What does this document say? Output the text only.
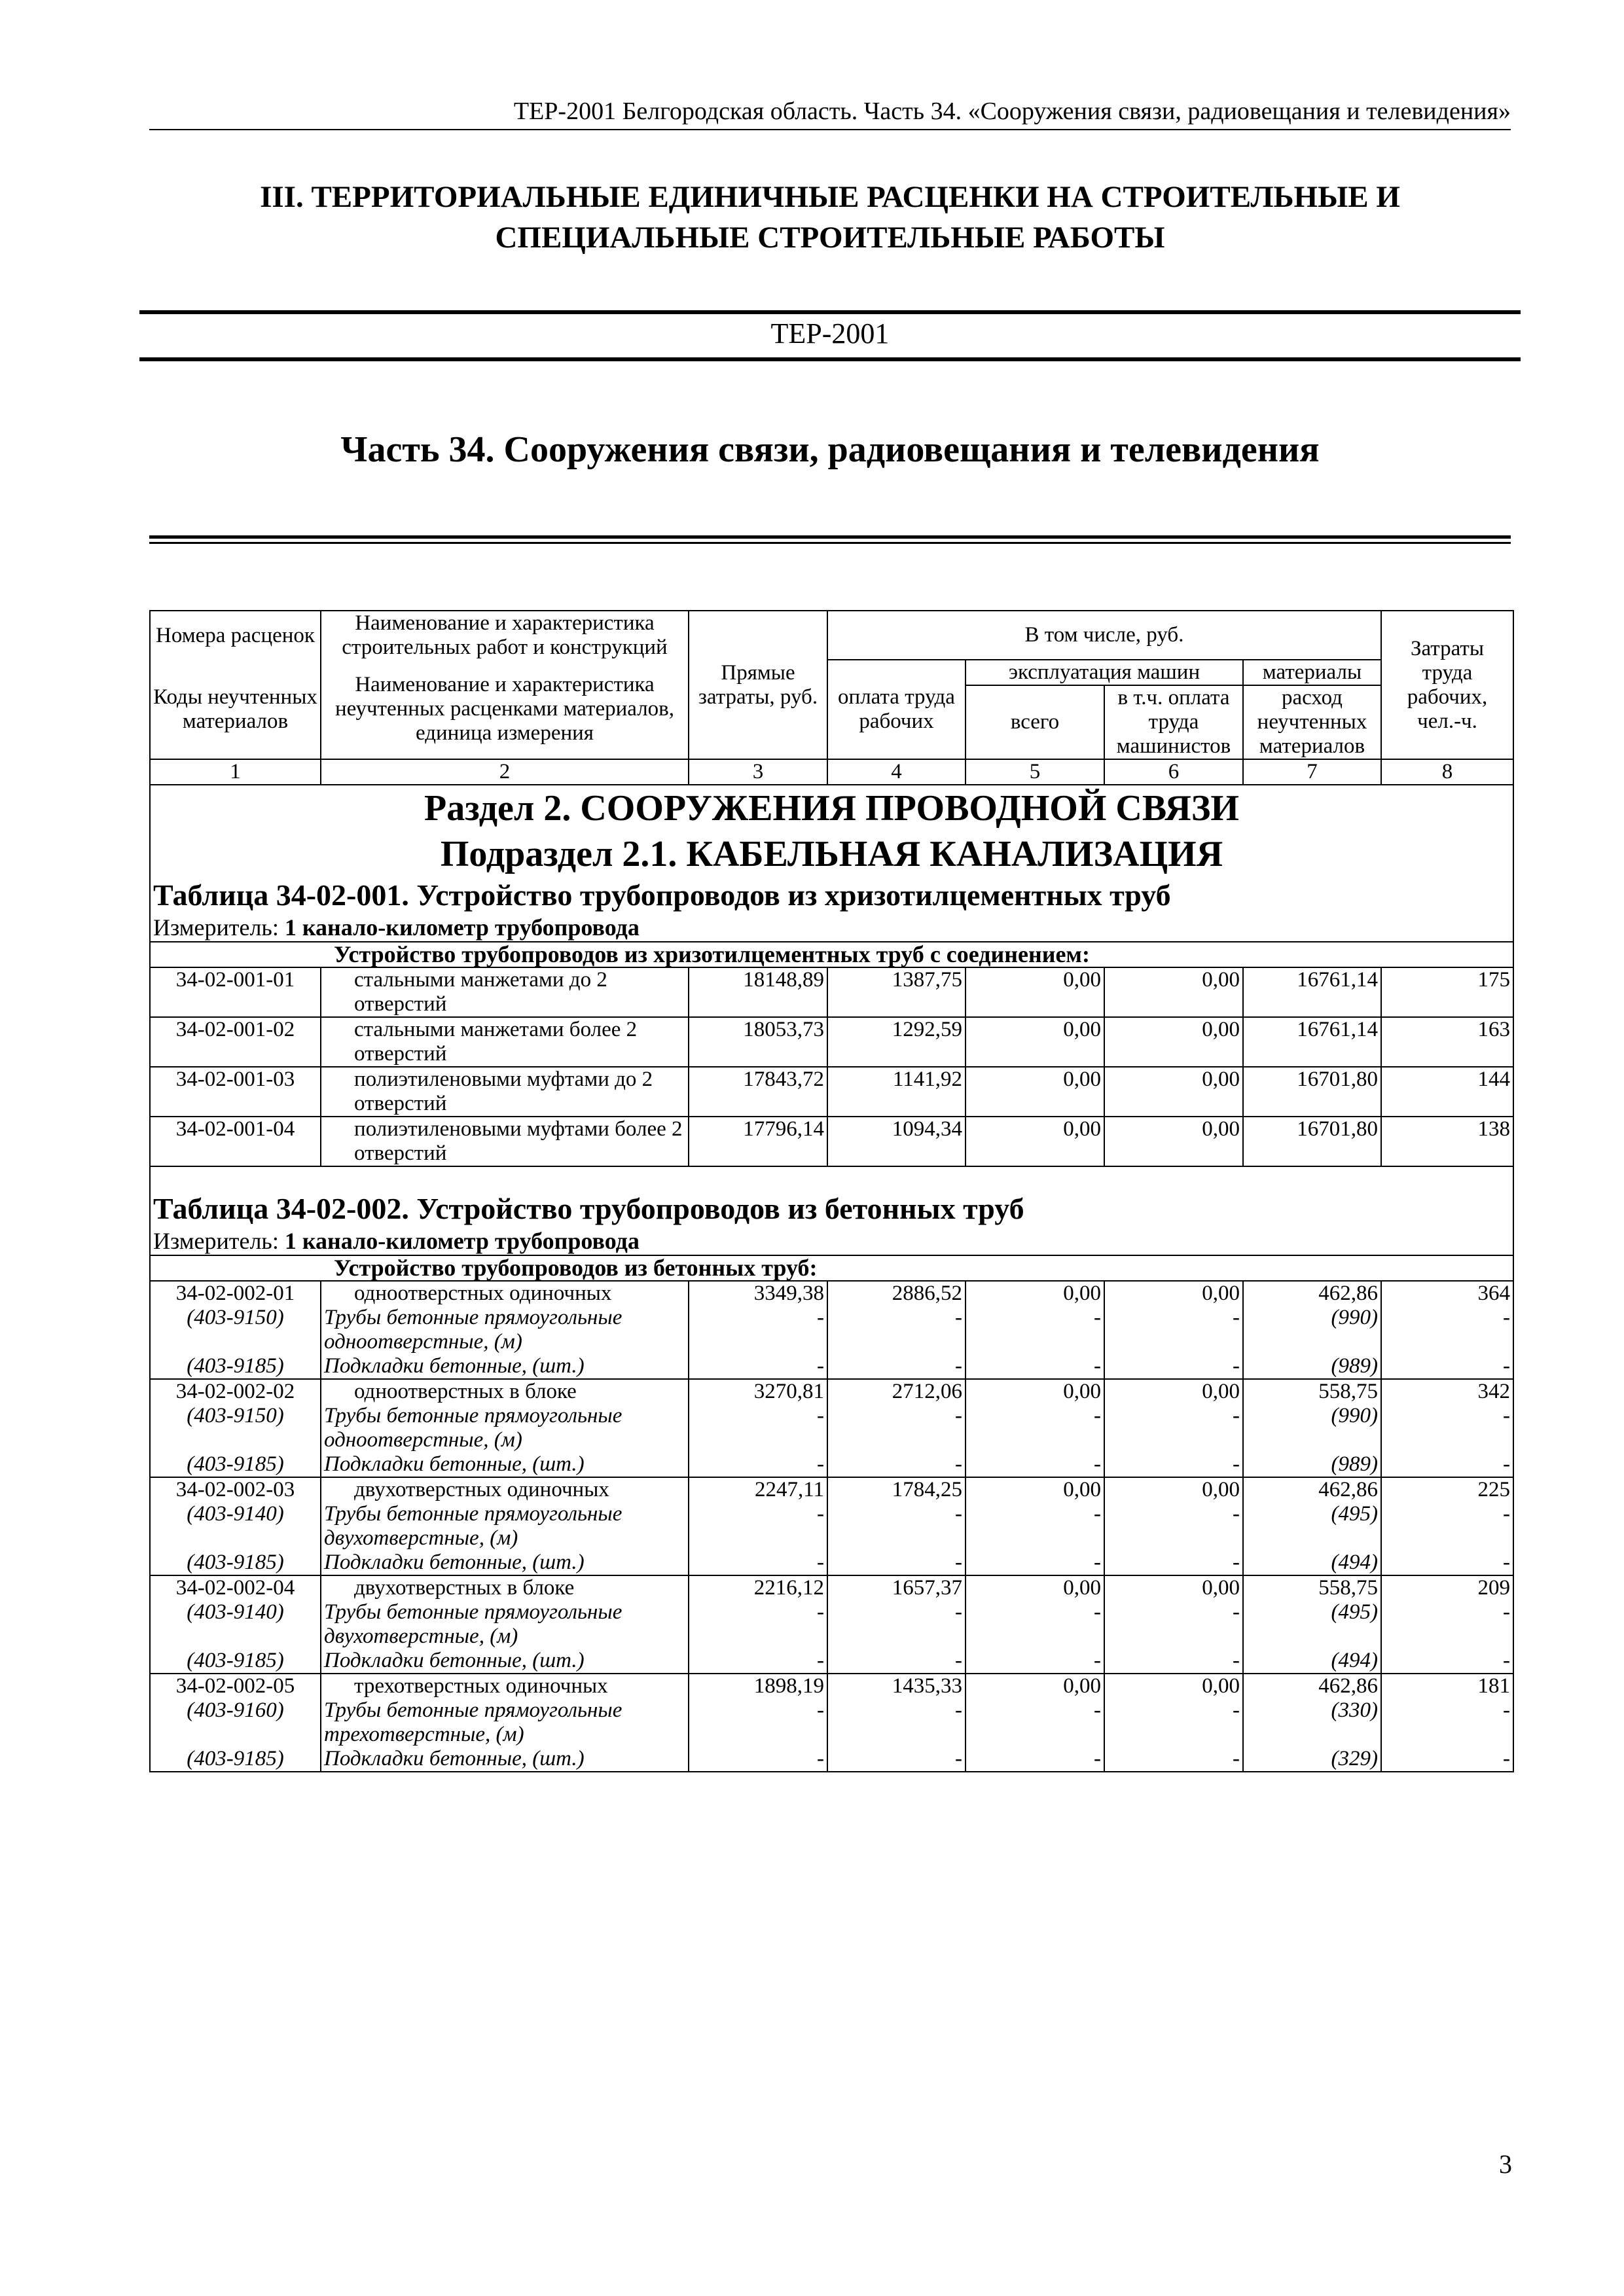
ТЕР-2001 Белгородская область. Часть 34. «Сооружения связи, радиовещания и телевидения»
III. ТЕРРИТОРИАЛЬНЫЕ ЕДИНИЧНЫЕ РАСЦЕНКИ НА СТРОИТЕЛЬНЫЕ И
СПЕЦИАЛЬНЫЕ СТРОИТЕЛЬНЫЕ РАБОТЫ
ТЕР-2001
Часть 34. Сооружения связи, радиовещания и телевидения
Номера расценок	Наименование и характеристика строительных работ и конструкций	Прямые затраты, руб.	В том числе, руб.				Затраты труда рабочих, чел.-ч.
Коды неучтенных материалов	Наименование и характеристика неучтенных расценками материалов, единица измерения		оплата труда рабочих	эксплуатация машин		материалы	
				всего	в т.ч. оплата труда машинистов	расход неучтенных материалов	
1	2	3	4	5	6	7	8
Раздел 2. СООРУЖЕНИЯ ПРОВОДНОЙ СВЯЗИ							
Подраздел 2.1. КАБЕЛЬНАЯ КАНАЛИЗАЦИЯ							
Таблица 34-02-001. Устройство трубопроводов из хризотилцементных труб							
Измеритель: 1 канало-километр трубопровода							
Устройство трубопроводов из хризотилцементных труб с соединением:							
34-02-001-01	стальными манжетами до 2 отверстий	18148,89	1387,75	0,00	0,00	16761,14	175
34-02-001-02	стальными манжетами более 2 отверстий	18053,73	1292,59	0,00	0,00	16761,14	163
34-02-001-03	полиэтиленовыми муфтами до 2 отверстий	17843,72	1141,92	0,00	0,00	16701,80	144
34-02-001-04	полиэтиленовыми муфтами более 2 отверстий	17796,14	1094,34	0,00	0,00	16701,80	138
Таблица 34-02-002. Устройство трубопроводов из бетонных труб							
Измеритель: 1 канало-километр трубопровода							
Устройство трубопроводов из бетонных труб:							
34-02-002-01	одноотверстных одиночных	3349,38	2886,52	0,00	0,00	462,86	364
(403-9150)	Трубы бетонные прямоугольные одноотверстные, (м)	-	-	-	-	(990)	-
(403-9185)	Подкладки бетонные, (шт.)	-	-	-	-	(989)	-
34-02-002-02	одноотверстных в блоке	3270,81	2712,06	0,00	0,00	558,75	342
(403-9150)	Трубы бетонные прямоугольные одноотверстные, (м)	-	-	-	-	(990)	-
(403-9185)	Подкладки бетонные, (шт.)	-	-	-	-	(989)	-
34-02-002-03	двухотверстных одиночных	2247,11	1784,25	0,00	0,00	462,86	225
(403-9140)	Трубы бетонные прямоугольные двухотверстные, (м)	-	-	-	-	(495)	-
(403-9185)	Подкладки бетонные, (шт.)	-	-	-	-	(494)	-
34-02-002-04	двухотверстных в блоке	2216,12	1657,37	0,00	0,00	558,75	209
(403-9140)	Трубы бетонные прямоугольные двухотверстные, (м)	-	-	-	-	(495)	-
(403-9185)	Подкладки бетонные, (шт.)	-	-	-	-	(494)	-
34-02-002-05	трехотверстных одиночных	1898,19	1435,33	0,00	0,00	462,86	181
(403-9160)	Трубы бетонные прямоугольные трехотверстные, (м)	-	-	-	-	(330)	-
(403-9185)	Подкладки бетонные, (шт.)	-	-	-	-	(329)	-
3
